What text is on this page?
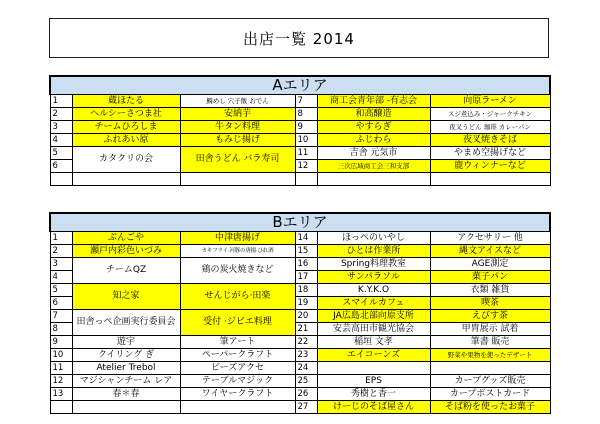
出店一覧 2014
Aエリア					
1	蔵ほたる	鯛めし 穴子飯 おでん	7	商工会青年部 -有志会	向原ラーメン
2	ヘルシーさつま社	安納芋	8	和高醸造	スジ煮込み・ジャークチキン
3	チームひろしま	牛タン料理	9	やすらぎ	夜叉うどん 珈琲 カレーパン
4	ふれあい原	もみじ揚げ	10	ふじわら	夜叉焼きそば
5	カタクリの会	田舎うどん バラ寿司	11	吉舎 元気市	やまめ空揚げなど
6			12	三次広域商工会三和支部	鹿ウィンナーなど

Bエリア					
1	ぶんごや	中津唐揚げ	14	ほっぺのいやし	アクセサリー 他
2	瀬戸内彩色いづみ	カキフライ·河豚の唐揚·ひれ酒	15	ひとは作業所	縄文アイスなど
3	チームQZ	鶏の炭火焼きなど	16	Spring料理教室	AGE測定
4			17	サンパラソル	菓子パン
5	知之家	せんじがら·田楽	18	K.Y.K.O	衣類 雑貨
6			19	スマイルカフェ	喫茶
7	田舎っぺ企画実行委員会	受付 ·ジビエ料理	20	JA広島北部向原支所	えびす茶
8			21	安芸高田市観光協会	甲胄展示 試着
9	遊宇	筆アート	22	稲垣 文孝	筆書 販売
10	クイリング ぎ	ペーパークラフト	23	エイコーンズ	野菜や果物を使ったデザート
11	Atelier Trebol	ビーズアクセ	24		
12	マジシャンチーム レア	テーブルマジック	25	EPS	カーブグッズ販売
13	春＊春	ワイヤークラフト	26	秀樹と香一	カープポストカード
			27	けーじのそば屋さん	そば粉を使ったお菓子
